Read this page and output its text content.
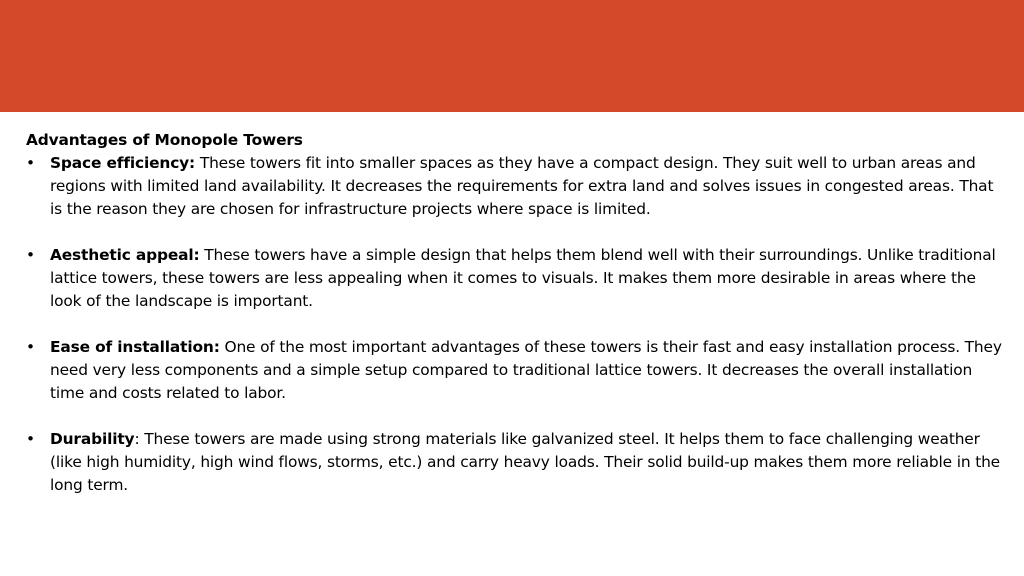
Advantages of Monopole Towers
• Space efficiency: These towers fit into smaller spaces as they have a compact design. They suit well to urban areas and regions with limited land availability. It decreases the requirements for extra land and solves issues in congested areas. That is the reason they are chosen for infrastructure projects where space is limited.
• Aesthetic appeal: These towers have a simple design that helps them blend well with their surroundings. Unlike traditional lattice towers, these towers are less appealing when it comes to visuals. It makes them more desirable in areas where the look of the landscape is important.
• Ease of installation: One of the most important advantages of these towers is their fast and easy installation process. They need very less components and a simple setup compared to traditional lattice towers. It decreases the overall installation time and costs related to labor.
• Durability: These towers are made using strong materials like galvanized steel. It helps them to face challenging weather (like high humidity, high wind flows, storms, etc.) and carry heavy loads. Their solid build-up makes them more reliable in the long term.
